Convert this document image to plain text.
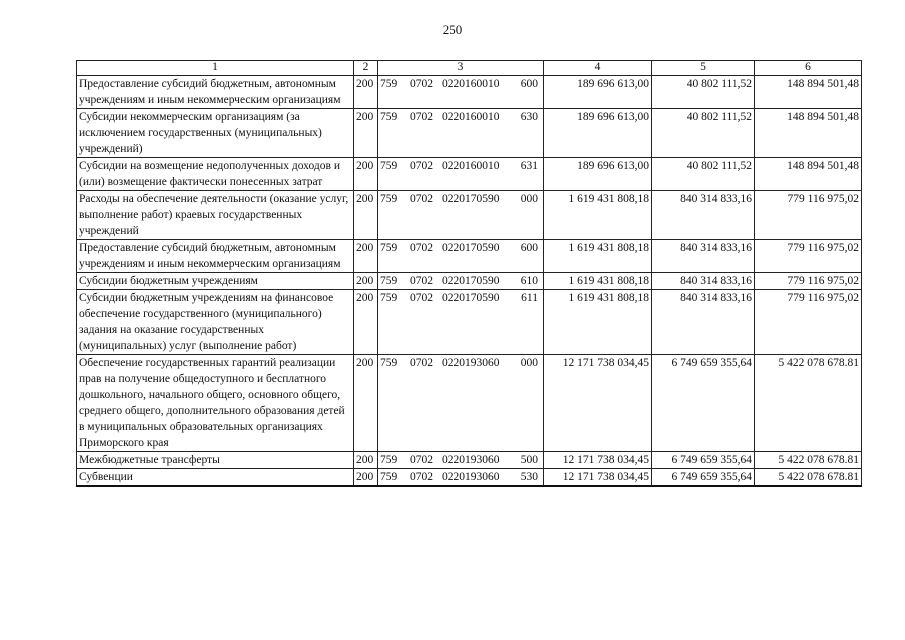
250
1	2	3	4	5	6
Предоставление субсидий бюджетным, автономным учреждениям и иным некоммерческим организациям	200	759 0702 0220160010 600	189 696 613,00	40 802 111,52	148 894 501,48
Субсидии некоммерческим организациям (за исключением государственных (муниципальных) учреждений)	200	759 0702 0220160010 630	189 696 613,00	40 802 111,52	148 894 501,48
Субсидии на возмещение недополученных доходов и (или) возмещение фактически понесенных затрат	200	759 0702 0220160010 631	189 696 613,00	40 802 111,52	148 894 501,48
Расходы на обеспечение деятельности (оказание услуг, выполнение работ) краевых государственных учреждений	200	759 0702 0220170590 000	1 619 431 808,18	840 314 833,16	779 116 975,02
Предоставление субсидий бюджетным, автономным учреждениям и иным некоммерческим организациям	200	759 0702 0220170590 600	1 619 431 808,18	840 314 833,16	779 116 975,02
Субсидии бюджетным учреждениям	200	759 0702 0220170590 610	1 619 431 808,18	840 314 833,16	779 116 975,02
Субсидии бюджетным учреждениям на финансовое обеспечение государственного (муниципального) задания на оказание государственных (муниципальных) услуг (выполнение работ)	200	759 0702 0220170590 611	1 619 431 808,18	840 314 833,16	779 116 975,02
Обеспечение государственных гарантий реализации прав на получение общедоступного и бесплатного дошкольного, начального общего, основного общего, среднего общего, дополнительного образования детей в муниципальных образовательных организациях Приморского края	200	759 0702 0220193060 000	12 171 738 034,45	6 749 659 355,64	5 422 078 678.81
Межбюджетные трансферты	200	759 0702 0220193060 500	12 171 738 034,45	6 749 659 355,64	5 422 078 678.81
Субвенции	200	759 0702 0220193060 530	12 171 738 034,45	6 749 659 355,64	5 422 078 678.81
